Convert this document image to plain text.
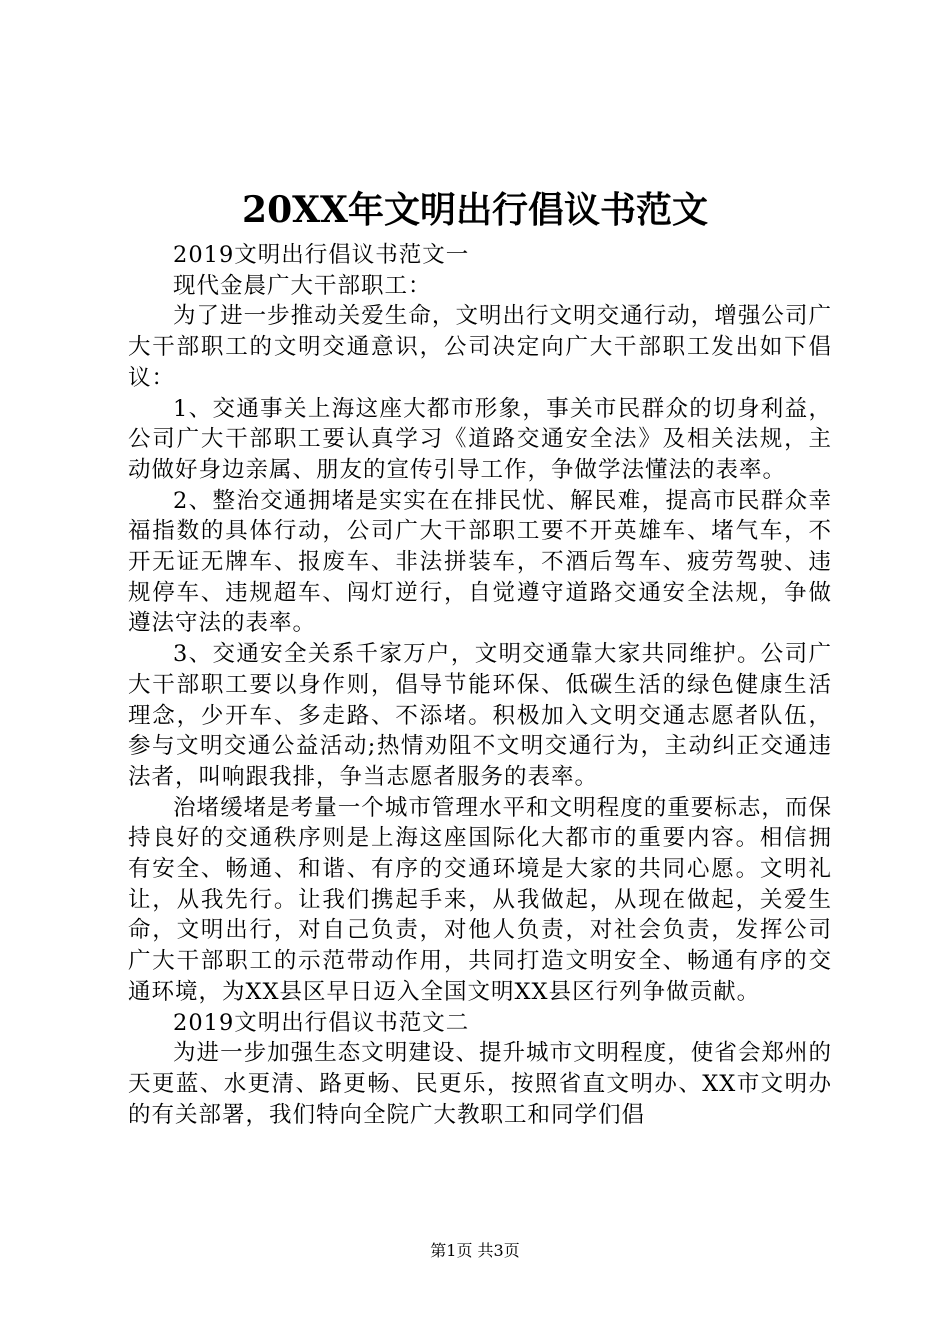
20XX年文明出行倡议书范文

2019文明出行倡议书范文一

现代金晨广大干部职工：

为了进一步推动关爱生命，文明出行文明交通行动，增强公司广大干部职工的文明交通意识，公司决定向广大干部职工发出如下倡议：

1、交通事关上海这座大都市形象，事关市民群众的切身利益，公司广大干部职工要认真学习《道路交通安全法》及相关法规，主动做好身边亲属、朋友的宣传引导工作，争做学法懂法的表率。

2、整治交通拥堵是实实在在排民忧、解民难，提高市民群众幸福指数的具体行动，公司广大干部职工要不开英雄车、堵气车，不开无证无牌车、报废车、非法拼装车，不酒后驾车、疲劳驾驶、违规停车、违规超车、闯灯逆行，自觉遵守道路交通安全法规，争做遵法守法的表率。

3、交通安全关系千家万户，文明交通靠大家共同维护。公司广大干部职工要以身作则，倡导节能环保、低碳生活的绿色健康生活理念，少开车、多走路、不添堵。积极加入文明交通志愿者队伍，参与文明交通公益活动;热情劝阻不文明交通行为，主动纠正交通违法者，叫响跟我排，争当志愿者服务的表率。

治堵缓堵是考量一个城市管理水平和文明程度的重要标志，而保持良好的交通秩序则是上海这座国际化大都市的重要内容。相信拥有安全、畅通、和谐、有序的交通环境是大家的共同心愿。文明礼让，从我先行。让我们携起手来，从我做起，从现在做起，关爱生命，文明出行，对自己负责，对他人负责，对社会负责，发挥公司广大干部职工的示范带动作用，共同打造文明安全、畅通有序的交通环境，为XX县区早日迈入全国文明XX县区行列争做贡献。

2019文明出行倡议书范文二

为进一步加强生态文明建设、提升城市文明程度，使省会郑州的天更蓝、水更清、路更畅、民更乐，按照省直文明办、XX市文明办的有关部署，我们特向全院广大教职工和同学们倡

第1页 共3页
